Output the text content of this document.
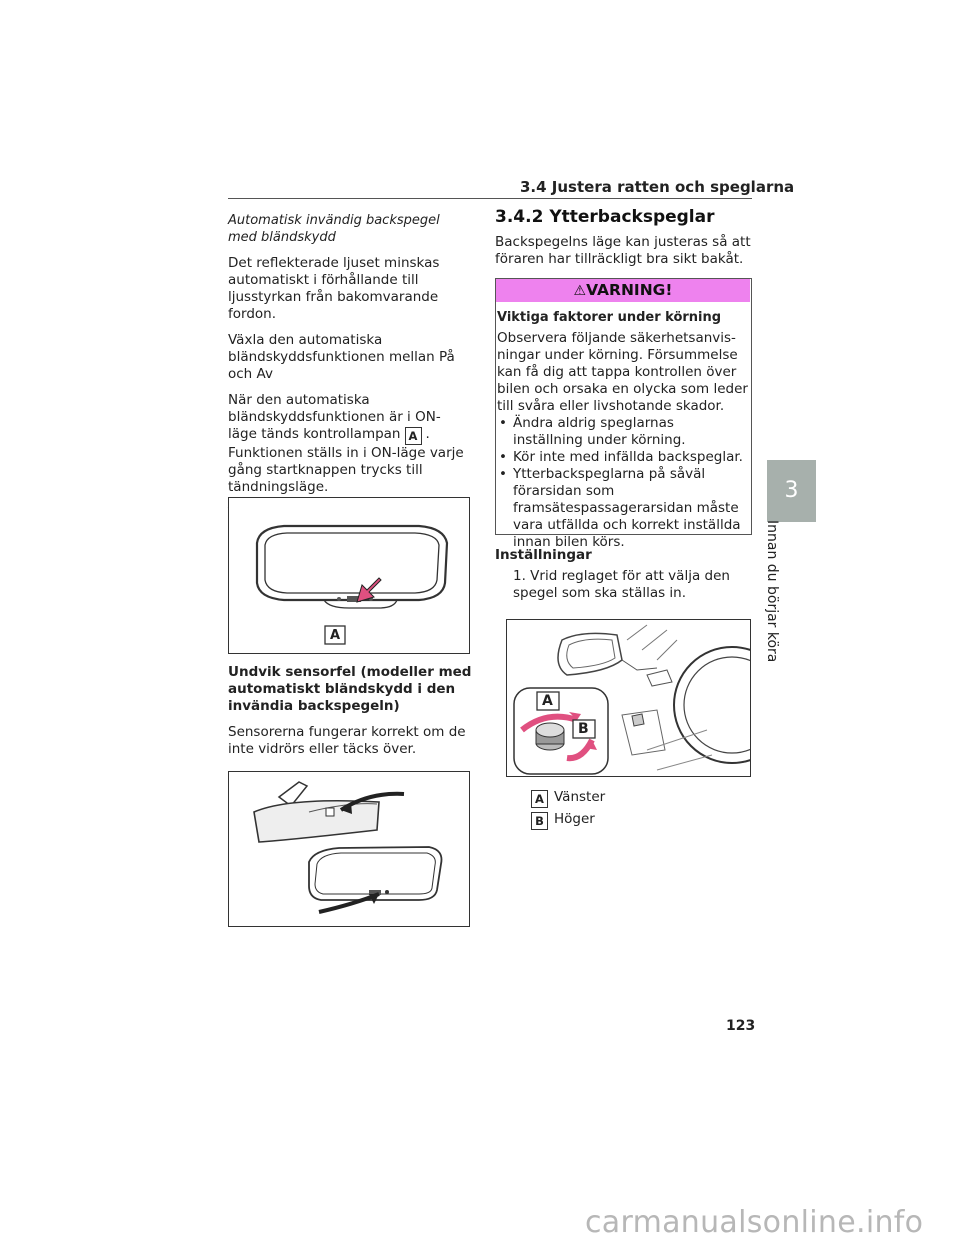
3.4 Justera ratten och speglarna

Automatisk invändig backspegel med bländskydd

Det reflekterade ljuset minskas automatiskt i förhållande till ljusstyrkan från bakomvarande fordon.

Växla den automatiska bländskyddsfunktionen mellan På och Av

När den automatiska bländskyddsfunktionen är i ON-läge tänds kontrollampan A . Funktionen ställs in i ON-läge varje gång startknappen trycks till tändningsläge.

A

Undvik sensorfel (modeller med automatiskt bländskydd i den invändia backspegeln)

Sensorerna fungerar korrekt om de inte vidrörs eller täcks över.

3.4.2 Ytterbackspeglar

Backspegelns läge kan justeras så att föraren har tillräckligt bra sikt bakåt.

⚠VARNING!

Viktiga faktorer under körning

Observera följande säkerhetsanvis-ningar under körning. Försummelse kan få dig att tappa kontrollen över bilen och orsaka en olycka som leder till svåra eller livshotande skador.

• Ändra aldrig speglarnas inställning under körning.
• Kör inte med infällda backspeglar.
• Ytterbackspeglarna på såväl förarsidan som framsätespassagerarsidan måste vara utfällda och korrekt inställda innan bilen körs.
Inställningar

1. Vrid reglaget för att välja den spegel som ska ställas in.

A
B
A Vänster
B Höger
3
Innan du börjar köra
123
carmanualsonline.info
